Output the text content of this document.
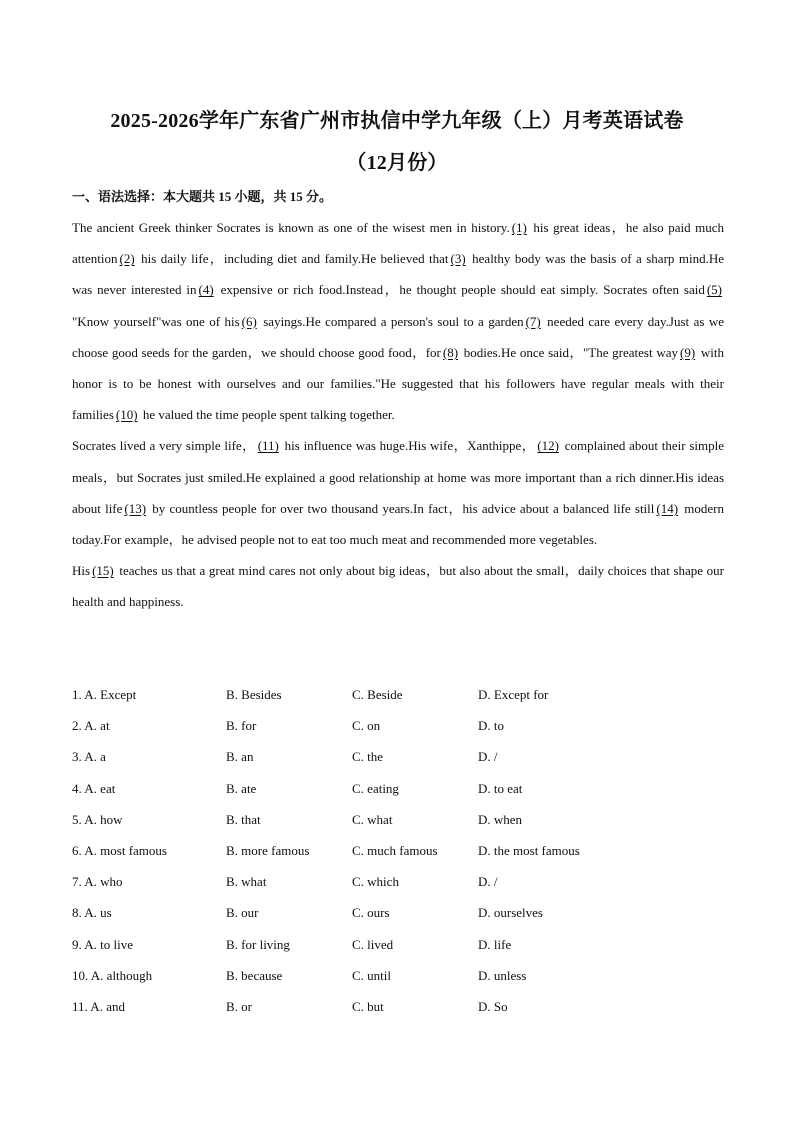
2025-2026学年广东省广州市执信中学九年级（上）月考英语试卷
（12月份）
一、语法选择：本大题共 15 小题，共 15 分。

The ancient Greek thinker Socrates is known as one of the wisest men in history. (1) his great ideas，he also paid much attention (2) his daily life，including diet and family.He believed that (3) healthy body was the basis of a sharp mind.He was never interested in (4) expensive or rich food.Instead，he thought people should eat simply. Socrates often said (5) "Know yourself"was one of his (6) sayings.He compared a person's soul to a garden (7) needed care every day.Just as we choose good seeds for the garden，we should choose good food，for (8) bodies.He once said，"The greatest way (9) with honor is to be honest with ourselves and our families."He suggested that his followers have regular meals with their families (10) he valued the time people spent talking together.

Socrates lived a very simple life， (11) his influence was huge.His wife，Xanthippe， (12) complained about their simple meals，but Socrates just smiled.He explained a good relationship at home was more important than a rich dinner.His ideas about life (13) by countless people for over two thousand years.In fact，his advice about a balanced life still (14) modern today.For example，he advised people not to eat too much meat and recommended more vegetables.

His (15) teaches us that a great mind cares not only about big ideas，but also about the small，daily choices that shape our health and happiness.

1. A. Except	B. Besides	C. Beside	D. Except for
2. A. at	B. for	C. on	D. to
3. A. a	B. an	C. the	D. /
4. A. eat	B. ate	C. eating	D. to eat
5. A. how	B. that	C. what	D. when
6. A. most famous	B. more famous	C. much famous	D. the most famous
7. A. who	B. what	C. which	D. /
8. A. us	B. our	C. ours	D. ourselves
9. A. to live	B. for living	C. lived	D. life
10. A. although	B. because	C. until	D. unless
11. A. and	B. or	C. but	D. So
